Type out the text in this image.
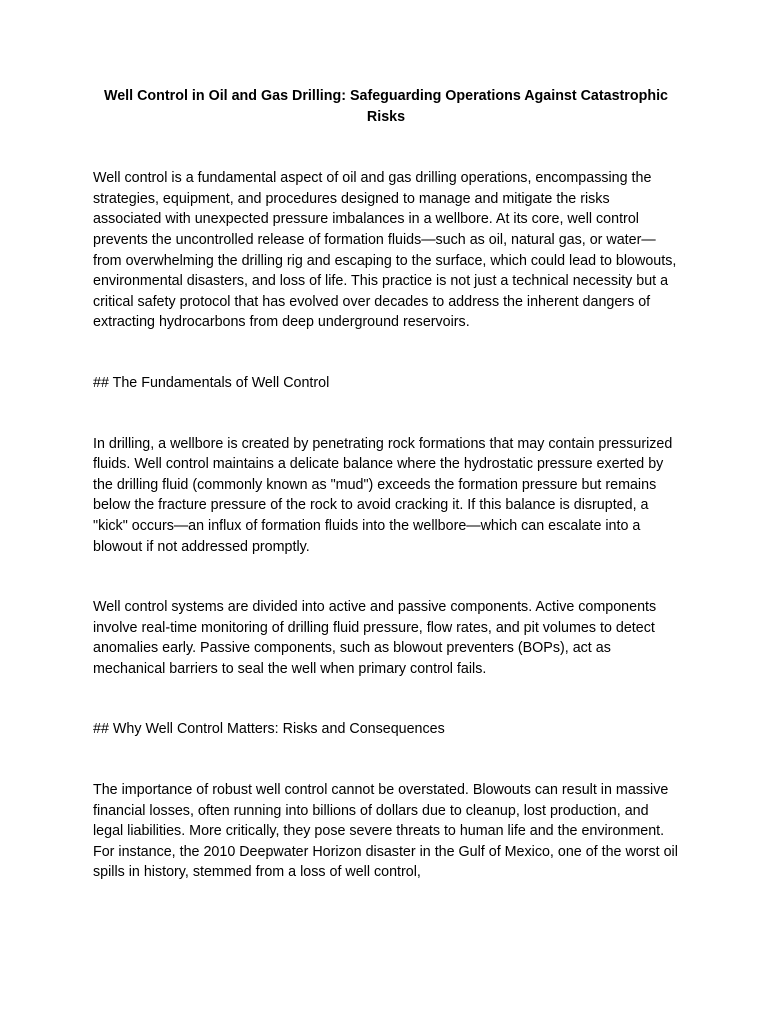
Well Control in Oil and Gas Drilling: Safeguarding Operations Against Catastrophic Risks

Well control is a fundamental aspect of oil and gas drilling operations, encompassing the strategies, equipment, and procedures designed to manage and mitigate the risks associated with unexpected pressure imbalances in a wellbore. At its core, well control prevents the uncontrolled release of formation fluids—such as oil, natural gas, or water—from overwhelming the drilling rig and escaping to the surface, which could lead to blowouts, environmental disasters, and loss of life. This practice is not just a technical necessity but a critical safety protocol that has evolved over decades to address the inherent dangers of extracting hydrocarbons from deep underground reservoirs.

## The Fundamentals of Well Control

In drilling, a wellbore is created by penetrating rock formations that may contain pressurized fluids. Well control maintains a delicate balance where the hydrostatic pressure exerted by the drilling fluid (commonly known as "mud") exceeds the formation pressure but remains below the fracture pressure of the rock to avoid cracking it. If this balance is disrupted, a "kick" occurs—an influx of formation fluids into the wellbore—which can escalate into a blowout if not addressed promptly.

Well control systems are divided into active and passive components. Active components involve real-time monitoring of drilling fluid pressure, flow rates, and pit volumes to detect anomalies early. Passive components, such as blowout preventers (BOPs), act as mechanical barriers to seal the well when primary control fails.

## Why Well Control Matters: Risks and Consequences

The importance of robust well control cannot be overstated. Blowouts can result in massive financial losses, often running into billions of dollars due to cleanup, lost production, and legal liabilities. More critically, they pose severe threats to human life and the environment. For instance, the 2010 Deepwater Horizon disaster in the Gulf of Mexico, one of the worst oil spills in history, stemmed from a loss of well control,
